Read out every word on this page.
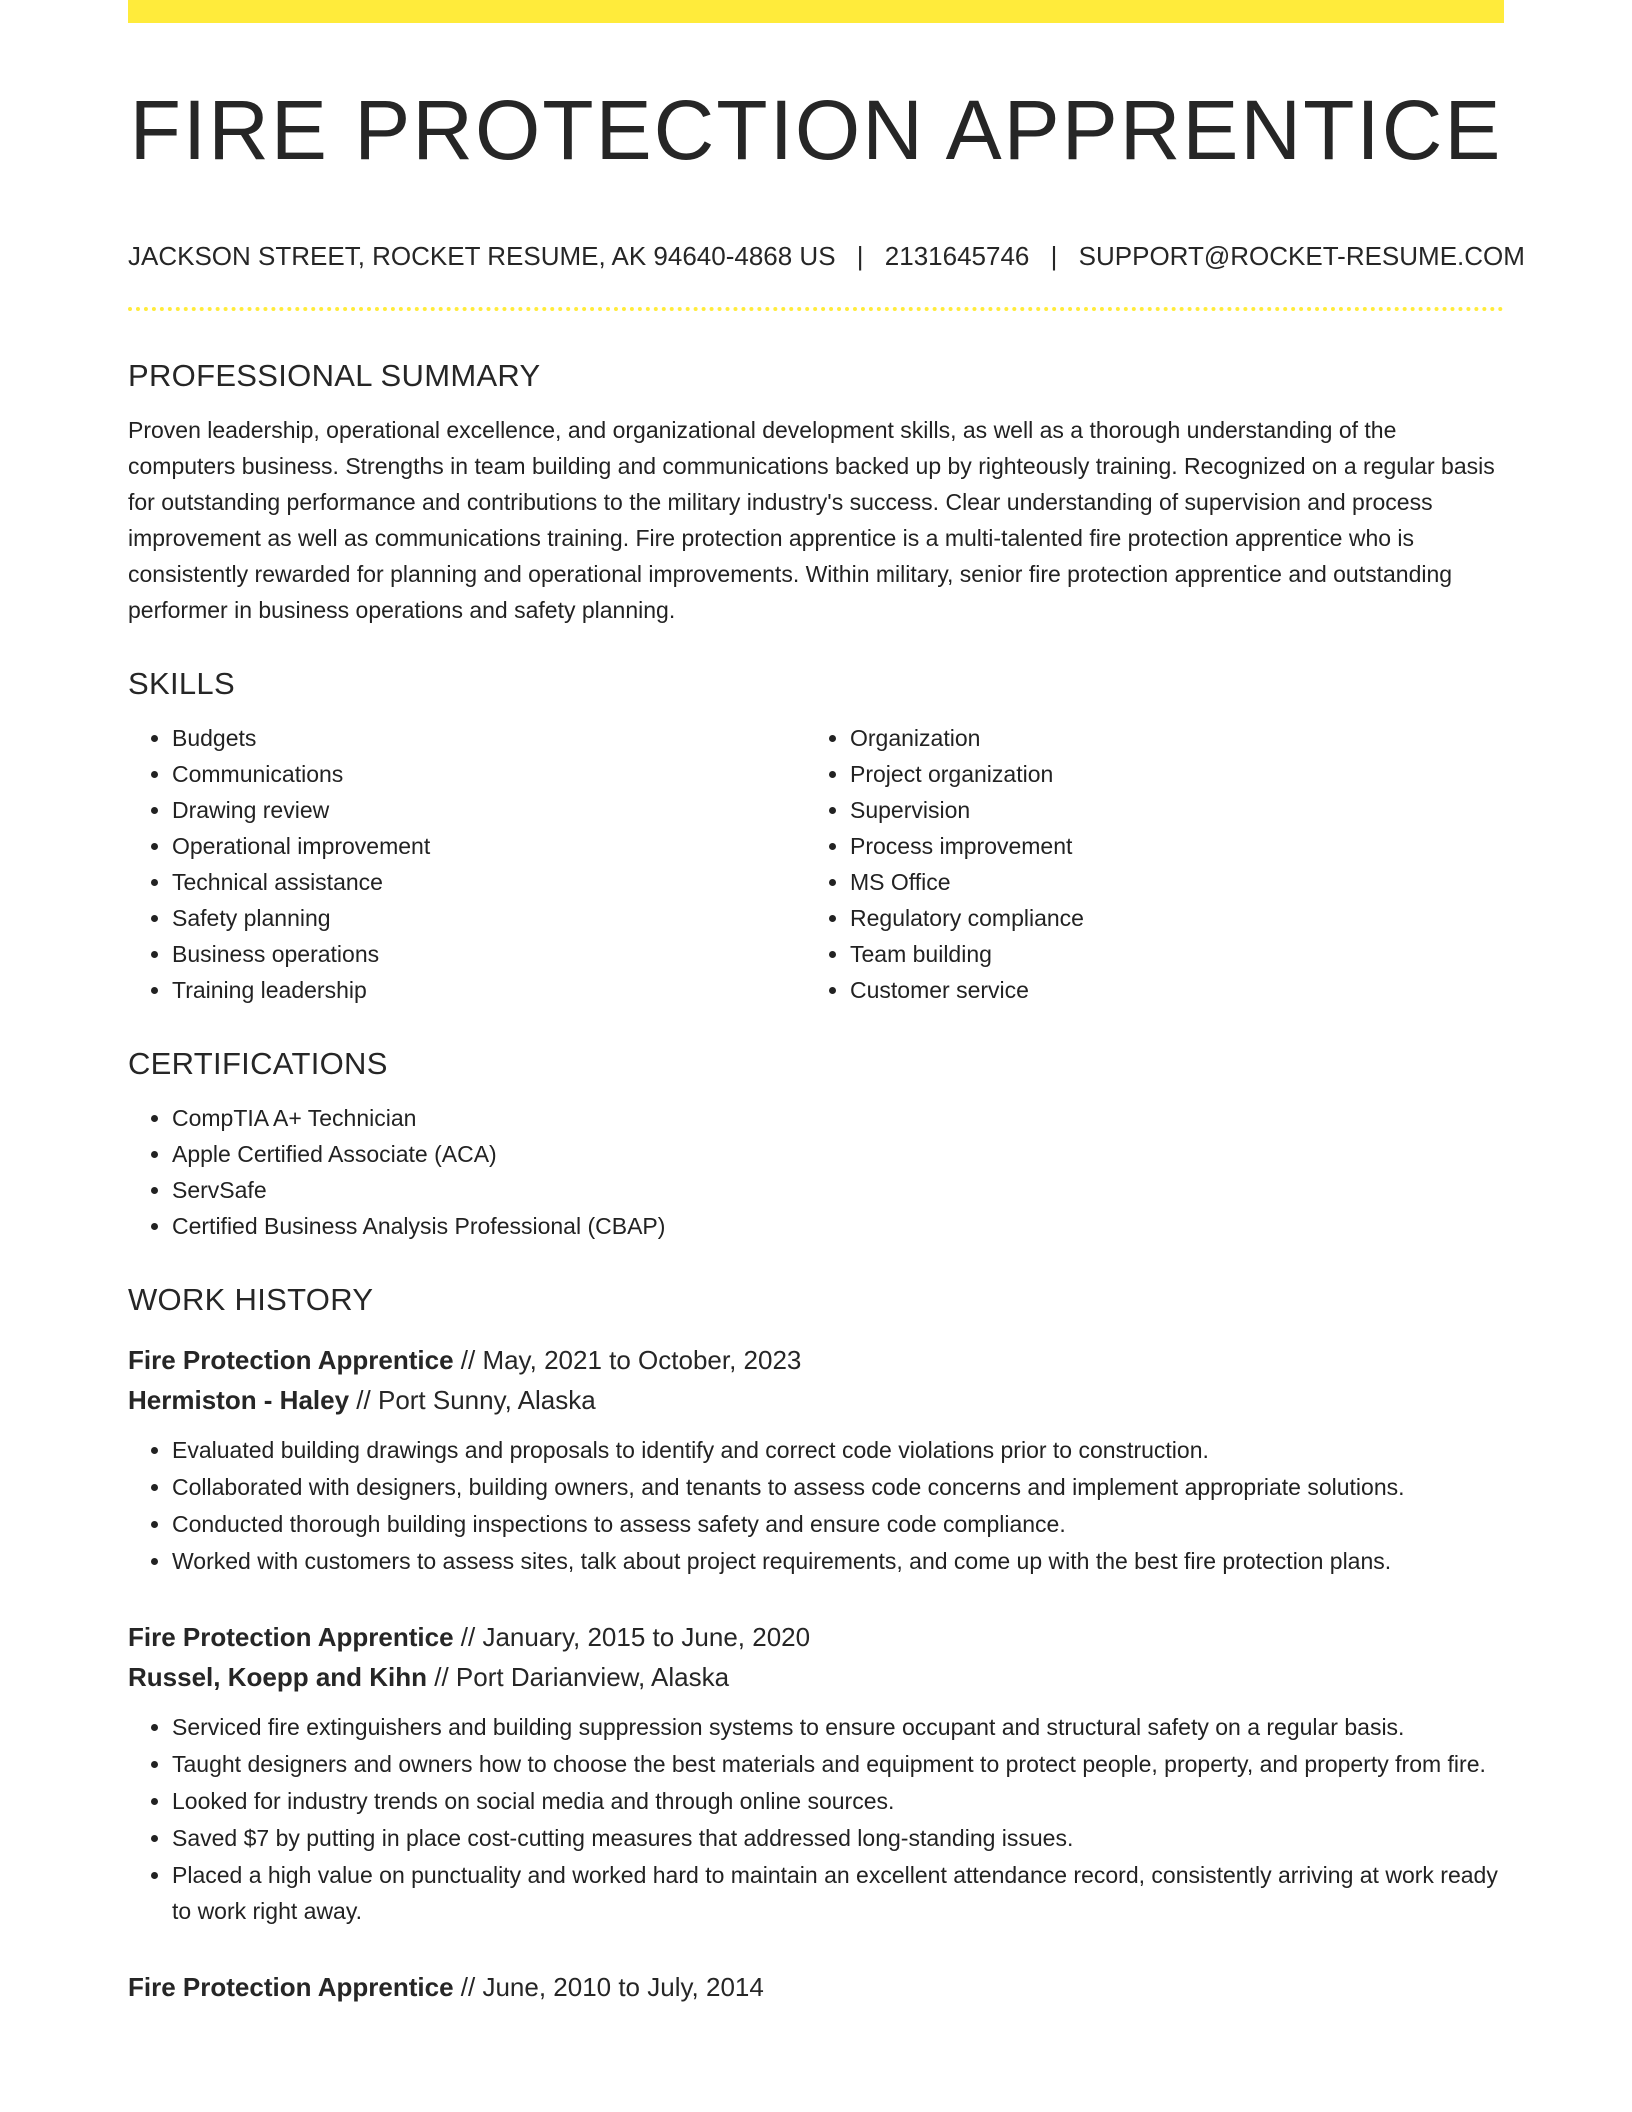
FIRE PROTECTION APPRENTICE
JACKSON STREET, ROCKET RESUME, AK 94640-4868 US | 2131645746 | SUPPORT@ROCKET-RESUME.COM
PROFESSIONAL SUMMARY

Proven leadership, operational excellence, and organizational development skills, as well as a thorough understanding of the computers business. Strengths in team building and communications backed up by righteously training. Recognized on a regular basis for outstanding performance and contributions to the military industry's success. Clear understanding of supervision and process improvement as well as communications training. Fire protection apprentice is a multi-talented fire protection apprentice who is consistently rewarded for planning and operational improvements. Within military, senior fire protection apprentice and outstanding performer in business operations and safety planning.

SKILLS
• Budgets
• Communications
• Drawing review
• Operational improvement
• Technical assistance
• Safety planning
• Business operations
• Training leadership
• Organization
• Project organization
• Supervision
• Process improvement
• MS Office
• Regulatory compliance
• Team building
• Customer service
CERTIFICATIONS
• CompTIA A+ Technician
• Apple Certified Associate (ACA)
• ServSafe
• Certified Business Analysis Professional (CBAP)
WORK HISTORY
Fire Protection Apprentice // May, 2021 to October, 2023
Hermiston - Haley // Port Sunny, Alaska
• Evaluated building drawings and proposals to identify and correct code violations prior to construction.
• Collaborated with designers, building owners, and tenants to assess code concerns and implement appropriate solutions.
• Conducted thorough building inspections to assess safety and ensure code compliance.
• Worked with customers to assess sites, talk about project requirements, and come up with the best fire protection plans.
Fire Protection Apprentice // January, 2015 to June, 2020
Russel, Koepp and Kihn // Port Darianview, Alaska
• Serviced fire extinguishers and building suppression systems to ensure occupant and structural safety on a regular basis.
• Taught designers and owners how to choose the best materials and equipment to protect people, property, and property from fire.
• Looked for industry trends on social media and through online sources.
• Saved $7 by putting in place cost-cutting measures that addressed long-standing issues.
• Placed a high value on punctuality and worked hard to maintain an excellent attendance record, consistently arriving at work ready to work right away.
Fire Protection Apprentice // June, 2010 to July, 2014
